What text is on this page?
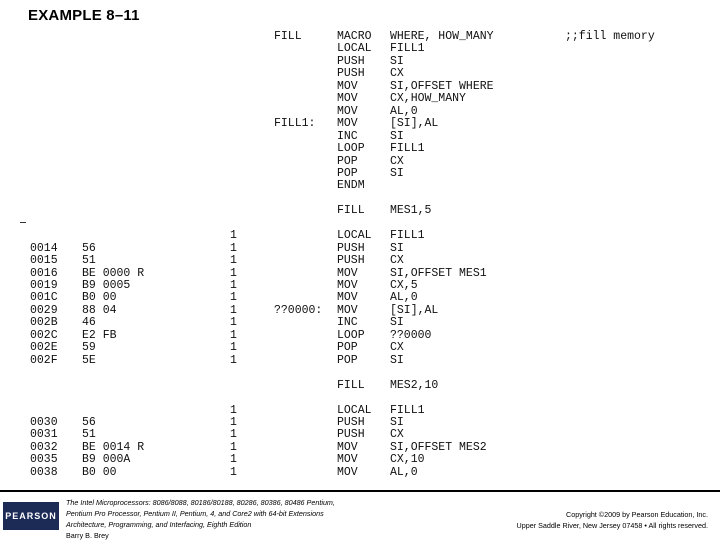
EXAMPLE 8–11
FILL	MACRO WHERE, HOW_MANY	;;fill memory
LOCAL FILL1
PUSH SI
PUSH CX
MOV	SI,OFFSET WHERE
MOV	CX,HOW_MANY
MOV	AL,0
FILL1: MOV	[SI],AL
INC	SI
LOOP FILL1
POP	CX
POP	SI
ENDM
FILL MES1,5
1	LOCAL FILL1
0014 56	1	PUSH SI
0015 51	1	PUSH CX
0016 BE 0000 R	1	MOV	SI,OFFSET MES1
0019 B9 0005	1	MOV	CX,5
001C B0 00	1	MOV	AL,0
0029 88 04	1	??0000: MOV	[SI],AL
002B 46	1	INC	SI
002C E2 FB	1	LOOP ??0000
002E 59	1	POP	CX
002F 5E	1	POP	SI
FILL MES2,10
1	LOCAL FILL1
0030 56	1	PUSH SI
0031 51	1	PUSH CX
0032 BE 0014 R	1	MOV	SI,OFFSET MES2
0035 B9 000A	1	MOV	CX,10
0038 B0 00	1	MOV	AL,0
PEARSON
The Intel Microprocessors: 8086/8088, 80186/80188, 80286, 80386, 80486 Pentium,
Pentium Pro Processor, Pentium II, Pentium, 4, and Core2 with 64-bit Extensions
Architecture, Programming, and Interfacing, Eighth Edition
Barry B. Brey
Copyright ©2009 by Pearson Education, Inc.
Upper Saddle River, New Jersey 07458 • All rights reserved.
